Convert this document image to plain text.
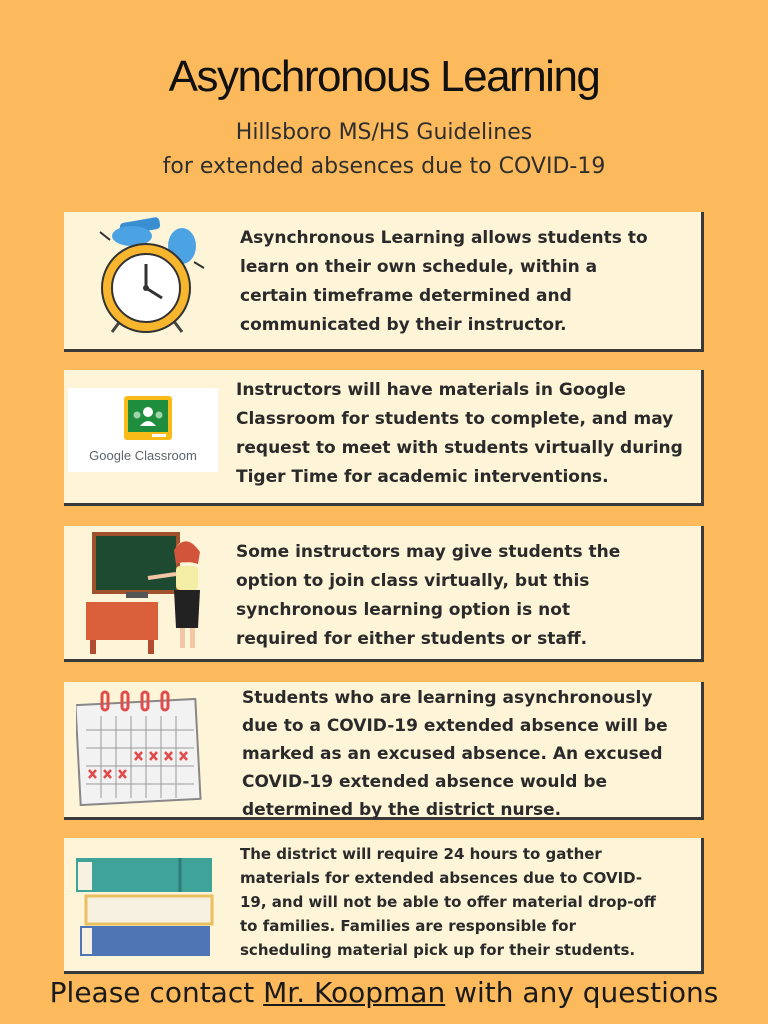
Asynchronous Learning
Hillsboro MS/HS Guidelines
for extended absences due to COVID-19
Asynchronous Learning allows students to learn on their own schedule, within a certain timeframe determined and communicated by their instructor.
Google Classroom
Instructors will have materials in Google Classroom for students to complete, and may request to meet with students virtually during Tiger Time for academic interventions.
Some instructors may give students the option to join class virtually, but this synchronous learning option is not required for either students or staff.
Students who are learning asynchronously due to a COVID-19 extended absence will be marked as an excused absence. An excused COVID-19 extended absence would be determined by the district nurse.
The district will require 24 hours to gather materials for extended absences due to COVID-19, and will not be able to offer material drop-off to families. Families are responsible for scheduling material pick up for their students.
Please contact Mr. Koopman with any questions
